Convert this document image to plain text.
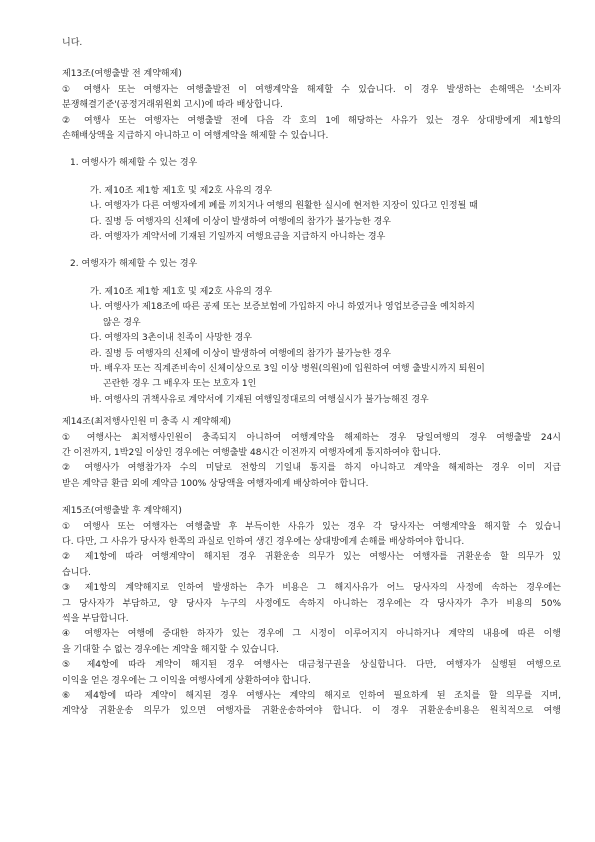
니다.
제13조(여행출발 전 계약해제)
① 여행사 또는 여행자는 여행출발전 이 여행계약을 해제할 수 있습니다. 이 경우 발생하는 손해액은 '소비자
분쟁해결기준'(공정거래위원회 고시)에 따라 배상합니다.
② 여행사 또는 여행자는 여행출발 전에 다음 각 호의 1에 해당하는 사유가 있는 경우 상대방에게 제1항의
손해배상액을 지급하지 아니하고 이 여행계약을 해제할 수 있습니다.
1. 여행사가 해제할 수 있는 경우
가. 제10조 제1항 제1호 및 제2호 사유의 경우
나. 여행자가 다른 여행자에게 폐를 끼치거나 여행의 원활한 실시에 현저한 지장이 있다고 인정될 때
다. 질병 등 여행자의 신체에 이상이 발생하여 여행에의 참가가 불가능한 경우
라. 여행자가 계약서에 기재된 기일까지 여행요금을 지급하지 아니하는 경우
2. 여행자가 해제할 수 있는 경우
가. 제10조 제1항 제1호 및 제2호 사유의 경우
나. 여행사가 제18조에 따른 공제 또는 보증보험에 가입하지 아니 하였거나 영업보증금을 예치하지
않은 경우
다. 여행자의 3촌이내 친족이 사망한 경우
라. 질병 등 여행자의 신체에 이상이 발생하여 여행에의 참가가 불가능한 경우
마. 배우자 또는 직계존비속이 신체이상으로 3일 이상 병원(의원)에 입원하여 여행 출발시까지 퇴원이
곤란한 경우 그 배우자 또는 보호자 1인
바. 여행사의 귀책사유로 계약서에 기재된 여행일정대로의 여행실시가 불가능해진 경우
제14조(최저행사인원 미 충족 시 계약해제)
① 여행사는 최저행사인원이 충족되지 아니하여 여행계약을 해제하는 경우 당일여행의 경우 여행출발 24시
간 이전까지, 1박2일 이상인 경우에는 여행출발 48시간 이전까지 여행자에게 통지하여야 합니다.
② 여행사가 여행참가자 수의 미달로 전항의 기일내 통지를 하지 아니하고 계약을 해제하는 경우 이미 지급
받은 계약금 환급 외에 계약금 100% 상당액을 여행자에게 배상하여야 합니다.
제15조(여행출발 후 계약해지)
① 여행사 또는 여행자는 여행출발 후 부득이한 사유가 있는 경우 각 당사자는 여행계약을 해지할 수 있습니
다. 다만, 그 사유가 당사자 한쪽의 과실로 인하여 생긴 경우에는 상대방에게 손해를 배상하여야 합니다.
② 제1항에 따라 여행계약이 해지된 경우 귀환운송 의무가 있는 여행사는 여행자를 귀환운송 할 의무가 있
습니다.
③ 제1항의 계약해지로 인하여 발생하는 추가 비용은 그 해지사유가 어느 당사자의 사정에 속하는 경우에는
그 당사자가 부담하고, 양 당사자 누구의 사정에도 속하지 아니하는 경우에는 각 당사자가 추가 비용의 50%
씩을 부담합니다.
④ 여행자는 여행에 중대한 하자가 있는 경우에 그 시정이 이루어지지 아니하거나 계약의 내용에 따른 이행
을 기대할 수 없는 경우에는 계약을 해지할 수 있습니다.
⑤ 제4항에 따라 계약이 해지된 경우 여행사는 대금청구권을 상실합니다. 다만, 여행자가 실행된 여행으로
이익을 얻은 경우에는 그 이익을 여행사에게 상환하여야 합니다.
⑥ 제4항에 따라 계약이 해지된 경우 여행사는 계약의 해지로 인하여 필요하게 된 조치를 할 의무를 지며,
계약상 귀환운송 의무가 있으면 여행자를 귀환운송하여야 합니다. 이 경우 귀환운송비용은 원칙적으로 여행
